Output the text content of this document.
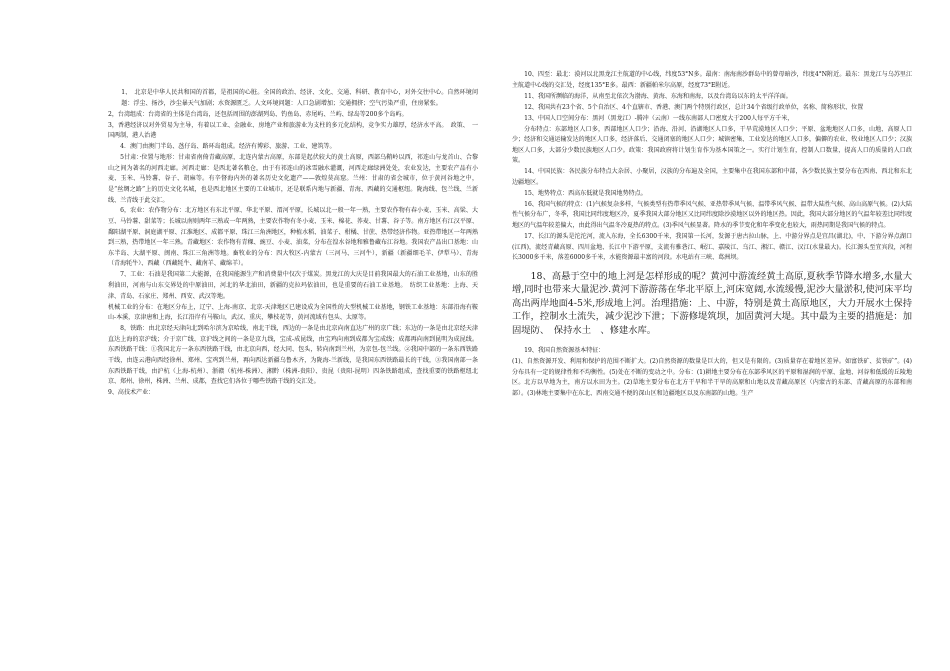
1、　北京是中华人民共和国的首都，是祖国的心脏。全国的政治、经济、文化、交通、科研、教育中心，对外交往中心。自然环境问题：浮尘、扬沙，沙尘暴天气加剧；水资源匮乏。人文环境问题：人口急剧增加；交通拥挤；空气污染严重，住房紧张。

2，台湾组成：台湾省的主体是台湾岛，还包括周围的澎湖列岛、钓鱼岛、赤尾屿、兰屿、绿岛等200多个岛屿。

3，香港经济以对外贸易为主导，有着以工业、金融业、房地产业和旅游业为支柱的多元化结构，竞争实力雄厚，经济水平高。　政策、　一国两制，港人治港

4．澳门由澳门半岛、氹仔岛、路环岛组成。经济有博彩、旅游、工业、建筑等。

5甘肃：·位置与地形：甘肃省南倚青藏高原，北连内蒙古高原，东部是起伏较大的黄土高原，西部乌鞘岭以西，祁连山与龙首山、合黎山之间为著名的河西走廊。河西走廊：是西北著名粮仓，由于有祁连山的冰雪融水灌溉，河西走廊绿洲处处，农业发达，主要农产品有小麦、玉米、马铃薯、谷子、胡麻等。有辛督海内外的著名历史文化遗产——敦煌莫高窟。兰州：甘肃的省会城市，位于黄河谷地之中，是“丝绸之路”上的历史文化名城，也是西北地区主要的工业城市，还是联系内地与新疆、青海、西藏的交通枢纽。陇海线、包兰线、兰新线、兰青线于此交汇。

6，农业：农作物分布：北方地区有东北平原、华北平原、渭河平原，长城以北一般一年一熟，主要农作物有春小麦、玉米、高粱、大豆、马铃薯、甜菜等；长城以南则两年三熟或一年两熟，主要农作物有冬小麦、玉米、棉花、荞麦、甘薯、谷子等。南方地区有江汉平原、鄱阳湖平原、洞庭湖平原、江淮地区、成都平原、珠江三角洲地区，种植水稻、油菜子、柑橘、甘蔗、热带经济作物。亚热带地区一年两熟到三熟，热带地区一年三熟。青藏地区：农作物有青稞、豌豆、小麦、油菜，分布在湟水谷地和雅鲁藏布江谷地。我国农产品出口基地：山东半岛、大湖平原、闽南、珠江三角洲等地。畜牧业的分布：四大牧区-内蒙古（三河马、三河牛），新疆（新疆细毛羊、伊犁马）、青海（青海牦牛）、西藏（西藏牦牛、藏南羊、藏绵羊）。

7、工业：石油是我国第二大能源，在我国能源生产和消费量中仅次于煤炭。黑龙江的大庆是目前我国最大的石油工业基地，山东的胜利油田，河南与山东交界处的中原油田，河北的华北油田，新疆的克拉玛依油田，也是重要的石油工业基地。　纺织工业基地：上海、天津、青岛、石家庄、郑州、西安、武汉等地。

机械工业的分布：在地区分布上，辽宁、上海-南京、北京-天津地区已建设成为全国性的大型机械工业基地，钢铁工业基地：东部沿海有鞍山-本溪，京津唐和上海，长江沿岸有马鞍山，武汉、重庆，攀枝花等，黄河流域有包头、太原等。

8，铁路：由北京经天津向北到哈尔滨为京哈线，南北干线，西边的一条是由北京向南直达广州的京广线；东边的一条是由北京经天津直达上海的京沪线；介于京广线、京沪线之间的一条是京九线，宝成-成昆线，由宝鸡向南到成都为宝成线；成都再向南到昆明为成昆线。东西铁路干线：①我国北方一条东西铁路干线，由北京向西，经大同、包头，转向南到兰州，为京包-包兰线。②我国中部的一条东西铁路干线，由连云港向西经徐州、郑州、宝鸡到兰州，再向西达新疆乌鲁木齐，为陇海-兰新线，是我国东西铁路最长的干线，③我国南部一条东西铁路干线，由沪杭（上海-杭州）、浙赣（杭州-株洲）、湘黔（株洲-贵阳）、贵昆（贵阳-昆明）四条铁路组成，查找重要的铁路枢纽北京、郑州、徐州，株洲、兰州、成都，查找它们各位于哪些铁路干线的交汇处。

9、高技术产业：

10、四至：最北：漠河以北黑龙江主航道的中心线，纬度53°N多。最南：南海南沙群岛中的曾母暗沙，纬度4°N附近。最东：黑龙江与乌苏里江主航道中心线的交汇处，经度135°E多。最西：新疆帕米尔高原，经度73°E附近。

11、我国所濒临的海洋，从南至北依次为渤海、黄海、东海和南海，以及台湾岛以东的太平洋洋面。

12、我国共有23个省、5个自治区、4个直辖市、香港、澳门两个特别行政区，总计34个省级行政单位，名称、简称形状、位置

13、中国人口空间分布：黑河（黑龙江）-腾冲（云南）一线东南部人口密度大于200人每平方千米，

分布特点：东部地区人口多，西部地区人口少；沿海、沿河、沿湖地区人口多，干旱荒漠地区人口少；平原、盆地地区人口多，山地、高原人口少；经济和交通运输发达的地区人口多，经济落后、交通闭塞的地区人口少；城镇密集、工业发达的地区人口多，偏僻的农业、牧业地区人口少；汉族地区人口多，大部分少数民族地区人口少。政策：我国政府将计划生育作为基本国策之一。实行计划生育，控制人口数量，提高人口的质量的人口政策。

14、中国民族：各民族分布特点大杂居、小聚居，汉族的分布遍及全国，主要集中在我国东部和中部，各少数民族主要分布在西南、西北和东北边疆地区。

15、地势特点：西高东低就是我国地势特点。

16、我国气候的特点：(1)气候复杂多样，气候类型有热带季风气候、亚热带季风气候、温带季风气候、温带大陆性气候、高山高原气候。(2)大陆性气候分布广，冬季，我国比同纬度地区冷，夏季我国大部分地区又比同纬度除沙漠地区以外的地区热。因此，我国大部分地区的气温年较差比同纬度地区的气温年较差偏大，由此得出气温冬冷夏热的特点。(3)季风气候显著。降水的季节变化和年季变化也较大，雨热同期是我国气候的特点。

17、长江的源头是沱沱河，流入东海，全长6300千米，我国第一长河，发源于唐古拉山脉，上、中游分界点是宜昌(湖北)，中、下游分界点湖口(江西)，流经青藏高原、四川盆地、长江中下游平原，支流有雅砻江、岷江、嘉陵江、乌江、湘江、赣江、汉江(水量最大)。长江源头至宜宾段，河程长3000多千米，落差6000多千米，水能资源最丰富的河段。水电站有三峡、葛洲坝。

18、高悬于空中的地上河是怎样形成的呢？黄河中游流经黄土高原,夏秋季节降水增多,水量大增,同时也带来大量泥沙.黄河下游游荡在华北平原上,河床宽阔,水流缓慢,泥沙大量淤积,使河床平均高出两岸地面4-5米,形成地上河。治理措施：上、中游，特别是黄土高原地区，大力开展水土保持工作，控制水土流失，减少泥沙下泄；下游修堤筑坝，加固黄河大堤。其中最为主要的措施是：加固堤防、　保持水土　、修建水库。

19、我国自然资源基本特征：

(1)、自然资源开发、利用和保护的范围不断扩大。(2)自然资源的数量是巨大的，但又是有限的。(3)质量存在着地区差异。如富铁矿、贫铁矿”。(4)分布具有一定的规律性和不均衡性。(5)处在不断的变动之中。分布：(1)耕地主要分布在东部季风区的平原和湿润的平原、盆地、河谷和低缓的丘陵地区。北方以旱地为主，南方以水田为主。(2)草地主要分布在北方干旱和半干旱的高原和山地以及青藏高原区（内蒙古的东部、青藏高原的东部和南部）。(3)林地主要集中在东北、西南交通不便的深山区和边疆地区以及东南部的山地。生产
